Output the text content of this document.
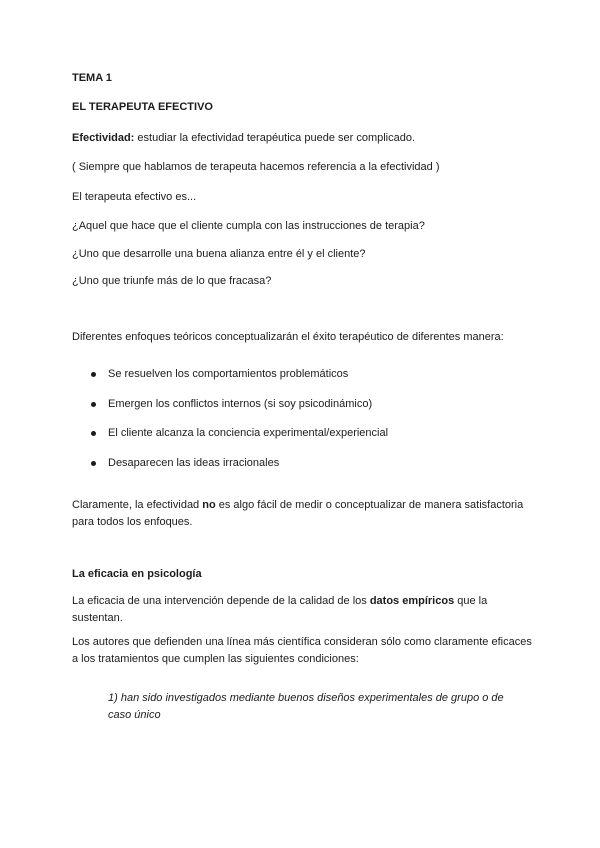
TEMA 1
EL TERAPEUTA EFECTIVO
Efectividad: estudiar la efectividad terapéutica puede ser complicado.
( Siempre que hablamos de terapeuta hacemos referencia a la efectividad )
El terapeuta efectivo es...
¿Aquel que hace que el cliente cumpla con las instrucciones de terapia?
¿Uno que desarrolle una buena alianza entre él y el cliente?
¿Uno que triunfe más de lo que fracasa?
Diferentes enfoques teóricos conceptualizarán el éxito terapéutico de diferentes manera:
Se resuelven los comportamientos problemáticos
Emergen los conflictos internos (si soy psicodinámico)
El cliente alcanza la conciencia experimental/experiencial
Desaparecen las ideas irracionales
Claramente, la efectividad no es algo fácil de medir o conceptualizar de manera satisfactoria para todos los enfoques.
La eficacia en psicología
La eficacia de una intervención depende de la calidad de los datos empíricos que la sustentan.
Los autores que defienden una línea más científica consideran sólo como claramente eficaces a los tratamientos que cumplen las siguientes condiciones:
1) han sido investigados mediante buenos diseños experimentales de grupo o de caso único
